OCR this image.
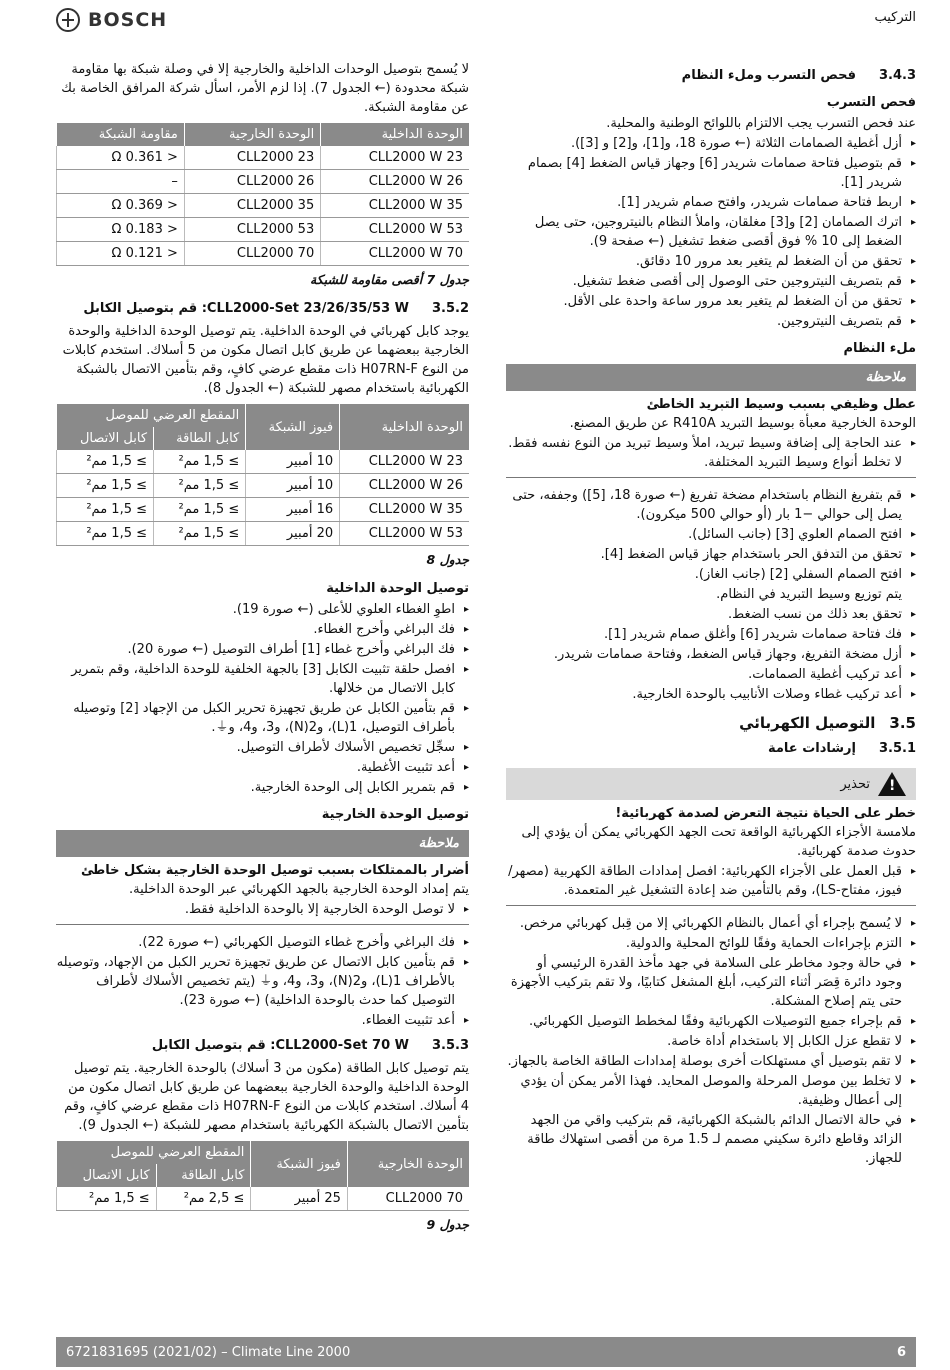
BOSCH	التركيب
3.4.3
فحص التسرب وملء النظام
فحص التسرب

عند فحص التسرب يجب الالتزام باللوائح الوطنية والمحلية.

▸ أزل أغطية الصمامات الثلاثة (← صورة 18، و[1]، و[2] و [3]).
▸ قم بتوصيل فتاحة صمامات شريدر [6] وجهاز قياس الضغط [4] بصمام شريدر [1].
▸ اربط فتاحة صمامات شريدر، وافتح صمام شريدر [1].
▸ اترك الصمامان [2] و[3] مغلقان، واملأ النظام بالنيتروجين، حتى يصل الضغط إلى 10 % فوق أقصى ضغط تشغيل (← صفحة 9).
▸ تحقق من أن الضغط لم يتغير بعد مرور 10 دقائق.
▸ قم بتصريف النيتروجين حتى الوصول إلى أقصى ضغط تشغيل.
▸ تحقق من أن الضغط لم يتغير بعد مرور ساعة واحدة على الأقل.
▸ قم بتصريف النيتروجين.
ملء النظام
ملاحظة
عطل وظيفي بسبب وسيط التبريد الخاطئ

الوحدة الخارجية معبأة بوسيط التبريد R410A عن طريق المصنع.

▸ عند الحاجة إلى إضافة وسيط تبريد، املأ وسيط تبريد من النوع نفسه فقط. لا تخلط أنواع وسيط التبريد المختلفة.
▸ قم بتفريغ النظام باستخدام مضخة تفريغ (← صورة 18، [5]) وجففه، حتى يصل إلى حوالي −1 بار (أو حوالي 500 ميكرون).
▸ افتح الصمام العلوي [3] (جانب السائل).
▸ تحقق من التدفق الحر باستخدام جهاز قياس الضغط [4].
▸ افتح الصمام السفلي [2] (جانب الغاز).
يتم توزيع وسيط التبريد في النظام.
▸ تحقق بعد ذلك من نسب الضغط.
▸ فك فتاحة صمامات شريدر [6] وأغلق صمام شريدر [1].
▸ أزل مضخة التفريغ، وجهاز قياس الضغط، وفتاحة صمامات شريدر.
▸ أعد تركيب أغطية الصمامات.
▸ أعد تركيب غطاء وصلات الأنابيب بالوحدة الخارجية.
3.5
التوصيل الكهربائي
3.5.1
إرشادات عامة
!
تحذير
خطر على الحياة نتيجة التعرض لصدمة كهربائية!

ملامسة الأجزاء الكهربائية الواقعة تحت الجهد الكهربائي يمكن أن يؤدي إلى حدوث صدمة كهربائية.

▸ قبل العمل على الأجزاء الكهربائية: افصل إمدادات الطاقة الكهربية (مصهر/فيوز، مفتاح-LS)، وقم بالتأمين ضد إعادة التشغيل غير المتعمدة.
▸ لا يُسمح بإجراء أي أعمال بالنظام الكهربائي إلا من قِبل كهربائي مرخص.
▸ التزم بإجراءات الحماية وفقًا للوائح المحلية والدولية.
▸ في حالة وجود مخاطر على السلامة في جهد مأخذ القدرة الرئيسي أو وجود دائرة قِصَر أثناء التركيب، أبلغ المشغل كتابيًا، ولا تقم بتركيب الأجهزة حتى يتم إصلاح المشكلة.
▸ قم بإجراء جميع التوصيلات الكهربائية وفقًا لمخطط التوصيل الكهربائي.
▸ لا تقطع عزل الكابل إلا باستخدام أداة خاصة.
▸ لا تقم بتوصيل أي مستهلكات أخرى بوصلة إمدادات الطاقة الخاصة بالجهاز.
▸ لا تخلط بين موصل المرحلة والموصل المحايد. فهذا الأمر يمكن أن يؤدي إلى أعطال وظيفية.
▸ في حالة الاتصال الدائم بالشبكة الكهربائية، قم بتركيب واقي من الجهد الزائد وقاطع دائرة سكيني مصمم لـ 1.5 مرة من أقصى استهلاك طاقة للجهاز.

لا يُسمح بتوصيل الوحدات الداخلية والخارجية إلا في وصلة شبكة بها مقاومة شبكة محدودة (← الجدول 7). إذا لزم الأمر، اسأل شركة المرافق الخاصة بك عن مقاومة الشبكة.

الوحدة الداخلية	الوحدة الخارجية	مقاومة الشبكة
CLL2000 W 23	CLL2000 23	< 0.361 Ω
CLL2000 W 26	CLL2000 26	–
CLL2000 W 35	CLL2000 35	< 0.369 Ω
CLL2000 W 53	CLL2000 53	< 0.183 Ω
CLL2000 W 70	CLL2000 70	< 0.121 Ω
جدول 7 أقصى مقاومة للشبكة
3.5.2
CLL2000-Set 23/26/35/53 W: قم بتوصيل الكابل

يوجد كابل كهربائي في الوحدة الداخلية. يتم توصيل الوحدة الداخلية والوحدة الخارجية ببعضهما عن طريق كابل اتصال مكون من 5 أسلاك. استخدم كابلات من النوع H07RN-F ذات مقطع عرضي كافٍ، وقم بتأمين الاتصال بالشبكة الكهربائية باستخدام مصهر للشبكة (← الجدول 8).

الوحدة الداخلية	فيوز الشبكة	المقطع العرضي للموصل	
		كابل الطاقة	كابل الاتصال
CLL2000 W 23	10 أمبير	≥ 1,5 مم²	≥ 1,5 مم²
CLL2000 W 26	10 أمبير	≥ 1,5 مم²	≥ 1,5 مم²
CLL2000 W 35	16 أمبير	≥ 1,5 مم²	≥ 1,5 مم²
CLL2000 W 53	20 أمبير	≥ 1,5 مم²	≥ 1,5 مم²
جدول 8
توصيل الوحدة الداخلية
▸ اطوِ الغطاء العلوي للأعلى (← صورة 19).
▸ فك البراغي وأخرج الغطاء.
▸ فك البراغي وأخرج غطاء [1] أطراف التوصيل (← صورة 20).
▸ افصل حلقة تثبيت الكابل [3] بالجهة الخلفية للوحدة الداخلية، وقم بتمرير كابل الاتصال من خلالها.
▸ قم بتأمين الكابل عن طريق تجهيزة تحرير الكبل من الإجهاد [2] وتوصيله بأطراف التوصيل، 1(L)، و2(N)، و3، و4، و⏚.
▸ سجِّل تخصيص الأسلاك لأطراف التوصيل.
▸ أعد تثبيت الأغطية.
▸ قم بتمرير الكابل إلى الوحدة الخارجية.
توصيل الوحدة الخارجية
ملاحظة
أضرار بالممتلكات بسبب توصيل الوحدة الخارجية بشكل خاطئ

يتم إمداد الوحدة الخارجية بالجهد الكهربائي عبر الوحدة الداخلية.

▸ لا توصل الوحدة الخارجية إلا بالوحدة الداخلية فقط.
▸ فك البراغي وأخرج غطاء التوصيل الكهربائي (← صورة 22).
▸ قم بتأمين كابل الاتصال عن طريق تجهيزة تحرير الكبل من الإجهاد، وتوصيله بالأطراف 1(L)، و2(N)، و3، و4، و⏚ (يتم تخصيص الأسلاك لأطراف التوصيل كما حدث بالوحدة الداخلية) (← صورة 23).
▸ أعد تثبيت الغطاء.
3.5.3
CLL2000-Set 70 W: قم بتوصيل الكابل

يتم توصيل كابل الطاقة (مكون من 3 أسلاك) بالوحدة الخارجية. يتم توصيل الوحدة الداخلية والوحدة الخارجية ببعضهما عن طريق كابل اتصال مكون من 4 أسلاك. استخدم كابلات من النوع H07RN-F ذات مقطع عرضي كافٍ، وقم بتأمين الاتصال بالشبكة الكهربائية باستخدام مصهر للشبكة (← الجدول 9).

الوحدة الخارجية	فيوز الشبكة	المقطع العرضي للموصل	
		كابل الطاقة	كابل الاتصال
CLL2000 70	25 أمبير	≥ 2,5 مم²	≥ 1,5 مم²
جدول 9
6721831695 (2021/02) – Climate Line 2000	6
